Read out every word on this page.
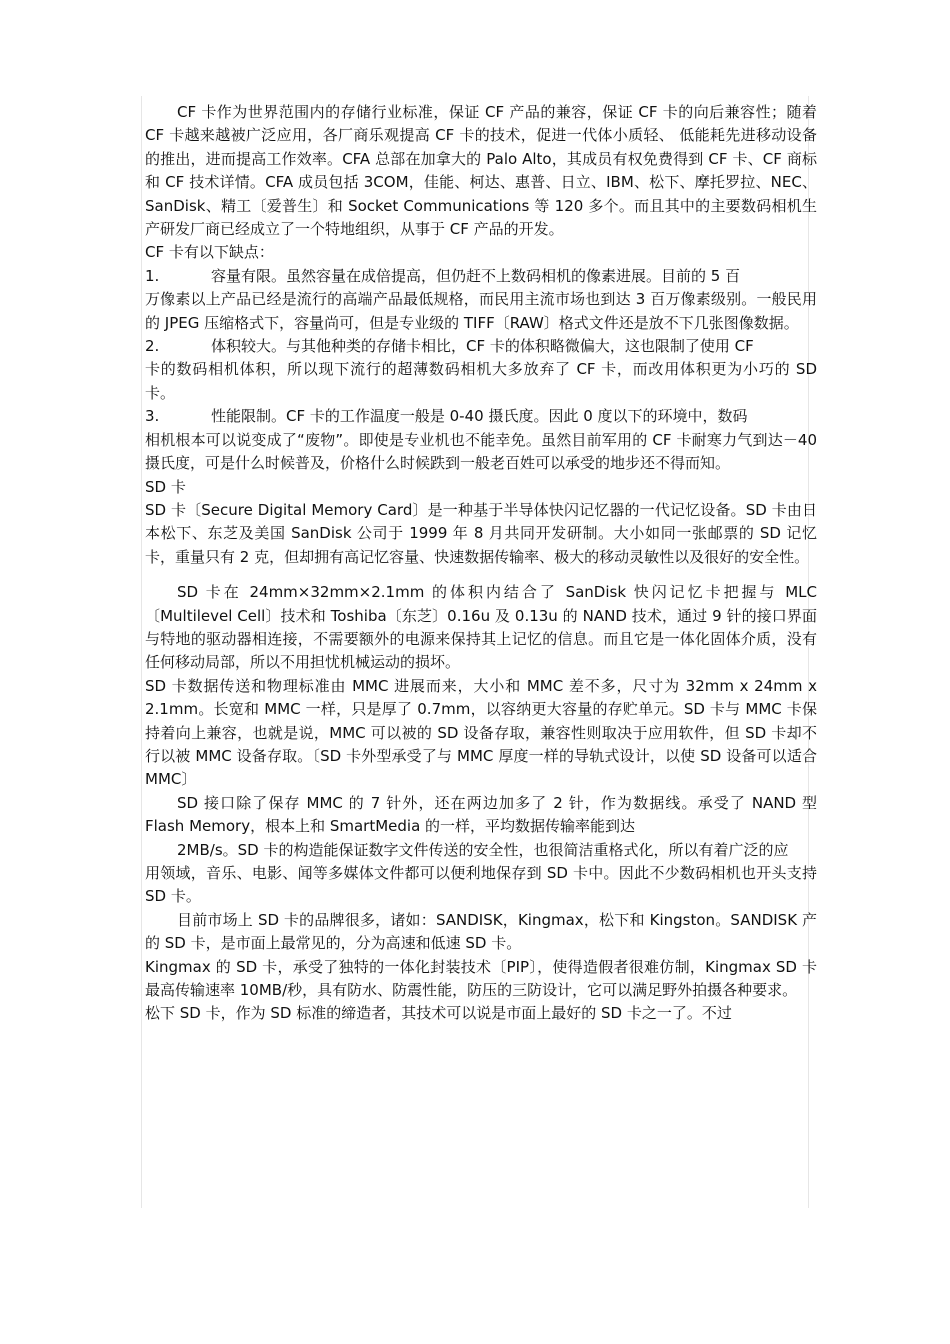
CF 卡作为世界范围内的存储行业标准，保证 CF 产品的兼容，保证 CF 卡的向后兼容性；随着 CF 卡越来越被广泛应用，各厂商乐观提高 CF 卡的技术，促进一代体小质轻、 低能耗先进移动设备的推出，进而提高工作效率。CFA 总部在加拿大的 Palo Alto，其成员有权免费得到 CF 卡、CF 商标和 CF 技术详情。CFA 成员包括 3COM，佳能、柯达、惠普、日立、IBM、松下、摩托罗拉、NEC、SanDisk、精工〔爱普生〕和 Socket Communications 等 120 多个。而且其中的主要数码相机生产研发厂商已经成立了一个特地组织，从事于 CF 产品的开发。

CF 卡有以下缺点：

1.	容量有限。虽然容量在成倍提高，但仍赶不上数码相机的像素进展。目前的 5 百

万像素以上产品已经是流行的高端产品最低规格，而民用主流市场也到达 3 百万像素级别。一般民用的 JPEG 压缩格式下，容量尚可，但是专业级的 TIFF〔RAW〕格式文件还是放不下几张图像数据。

2.	体积较大。与其他种类的存储卡相比，CF 卡的体积略微偏大，这也限制了使用 CF

卡的数码相机体积，所以现下流行的超薄数码相机大多放弃了 CF 卡，而改用体积更为小巧的 SD 卡。

3.	性能限制。CF 卡的工作温度一般是 0-40 摄氏度。因此 0 度以下的环境中，数码

相机根本可以说变成了“废物”。即使是专业机也不能幸免。虽然目前军用的 CF 卡耐寒力气到达－40 摄氏度，可是什么时候普及，价格什么时候跌到一般老百姓可以承受的地步还不得而知。

SD 卡

SD 卡〔Secure Digital Memory Card〕是一种基于半导体快闪记忆器的一代记忆设备。SD 卡由日本松下、东芝及美国 SanDisk 公司于 1999 年 8 月共同开发研制。大小如同一张邮票的 SD 记忆卡，重量只有 2 克，但却拥有高记忆容量、快速数据传输率、极大的移动灵敏性以及很好的安全性。

SD 卡在 24mm×32mm×2.1mm 的体积内结合了 SanDisk 快闪记忆卡把握与 MLC〔Multilevel Cell〕技术和 Toshiba〔东芝〕0.16u 及 0.13u 的 NAND 技术，通过 9 针的接口界面与特地的驱动器相连接，不需要额外的电源来保持其上记忆的信息。而且它是一体化固体介质，没有任何移动局部，所以不用担忧机械运动的损坏。

SD 卡数据传送和物理标准由 MMC 进展而来，大小和 MMC 差不多，尺寸为 32mm x 24mm x 2.1mm。长宽和 MMC 一样，只是厚了 0.7mm，以容纳更大容量的存贮单元。SD 卡与 MMC 卡保持着向上兼容，也就是说，MMC 可以被的 SD 设备存取，兼容性则取决于应用软件，但 SD 卡却不行以被 MMC 设备存取。〔SD 卡外型承受了与 MMC 厚度一样的导轨式设计，以使 SD 设备可以适合 MMC〕

SD 接口除了保存 MMC 的 7 针外，还在两边加多了 2 针，作为数据线。承受了 NAND 型 Flash Memory，根本上和 SmartMedia 的一样，平均数据传输率能到达

2MB/s。SD 卡的构造能保证数字文件传送的安全性，也很简洁重格式化，所以有着广泛的应

用领域，音乐、电影、闻等多媒体文件都可以便利地保存到 SD 卡中。因此不少数码相机也开头支持 SD 卡。

目前市场上 SD 卡的品牌很多，诸如：SANDISK，Kingmax，松下和 Kingston。SANDISK 产的 SD 卡，是市面上最常见的，分为高速和低速 SD 卡。

Kingmax 的 SD 卡，承受了独特的一体化封装技术〔PIP〕，使得造假者很难仿制，Kingmax SD 卡最高传输速率 10MB/秒，具有防水、防震性能，防压的三防设计，它可以满足野外拍摄各种要求。

松下 SD 卡，作为 SD 标准的缔造者，其技术可以说是市面上最好的 SD 卡之一了。不过
